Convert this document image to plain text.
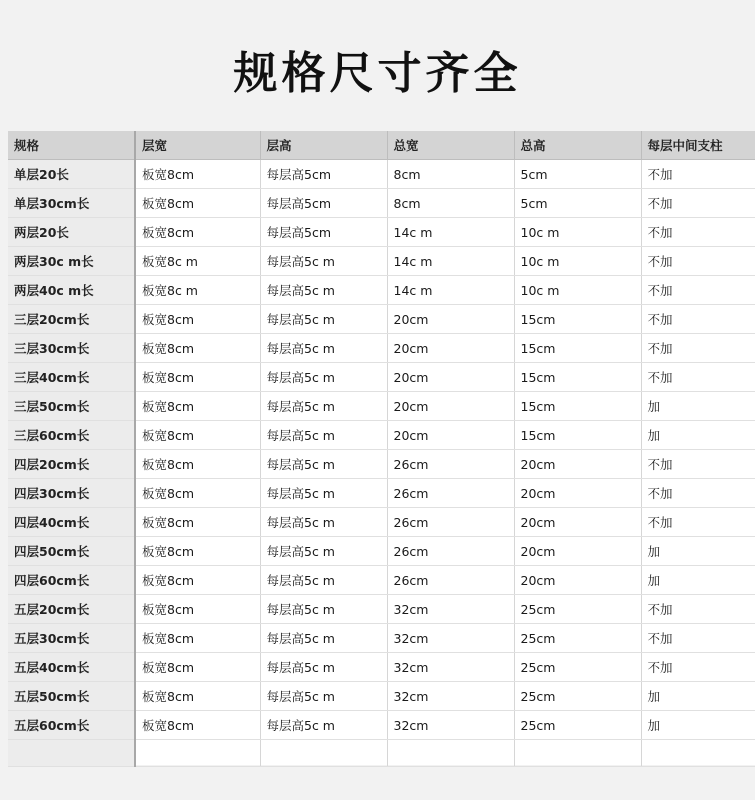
规格尺寸齐全
规格	层宽	层高	总宽	总高	每层中间支柱
单层20长	板宽8cm	每层高5cm	8cm	5cm	不加
单层30cm长	板宽8cm	每层高5cm	8cm	5cm	不加
两层20长	板宽8cm	每层高5cm	14c m	10c m	不加
两层30c m长	板宽8c m	每层高5c m	14c m	10c m	不加
两层40c m长	板宽8c m	每层高5c m	14c m	10c m	不加
三层20cm长	板宽8cm	每层高5c m	20cm	15cm	不加
三层30cm长	板宽8cm	每层高5c m	20cm	15cm	不加
三层40cm长	板宽8cm	每层高5c m	20cm	15cm	不加
三层50cm长	板宽8cm	每层高5c m	20cm	15cm	加
三层60cm长	板宽8cm	每层高5c m	20cm	15cm	加
四层20cm长	板宽8cm	每层高5c m	26cm	20cm	不加
四层30cm长	板宽8cm	每层高5c m	26cm	20cm	不加
四层40cm长	板宽8cm	每层高5c m	26cm	20cm	不加
四层50cm长	板宽8cm	每层高5c m	26cm	20cm	加
四层60cm长	板宽8cm	每层高5c m	26cm	20cm	加
五层20cm长	板宽8cm	每层高5c m	32cm	25cm	不加
五层30cm长	板宽8cm	每层高5c m	32cm	25cm	不加
五层40cm长	板宽8cm	每层高5c m	32cm	25cm	不加
五层50cm长	板宽8cm	每层高5c m	32cm	25cm	加
五层60cm长	板宽8cm	每层高5c m	32cm	25cm	加
